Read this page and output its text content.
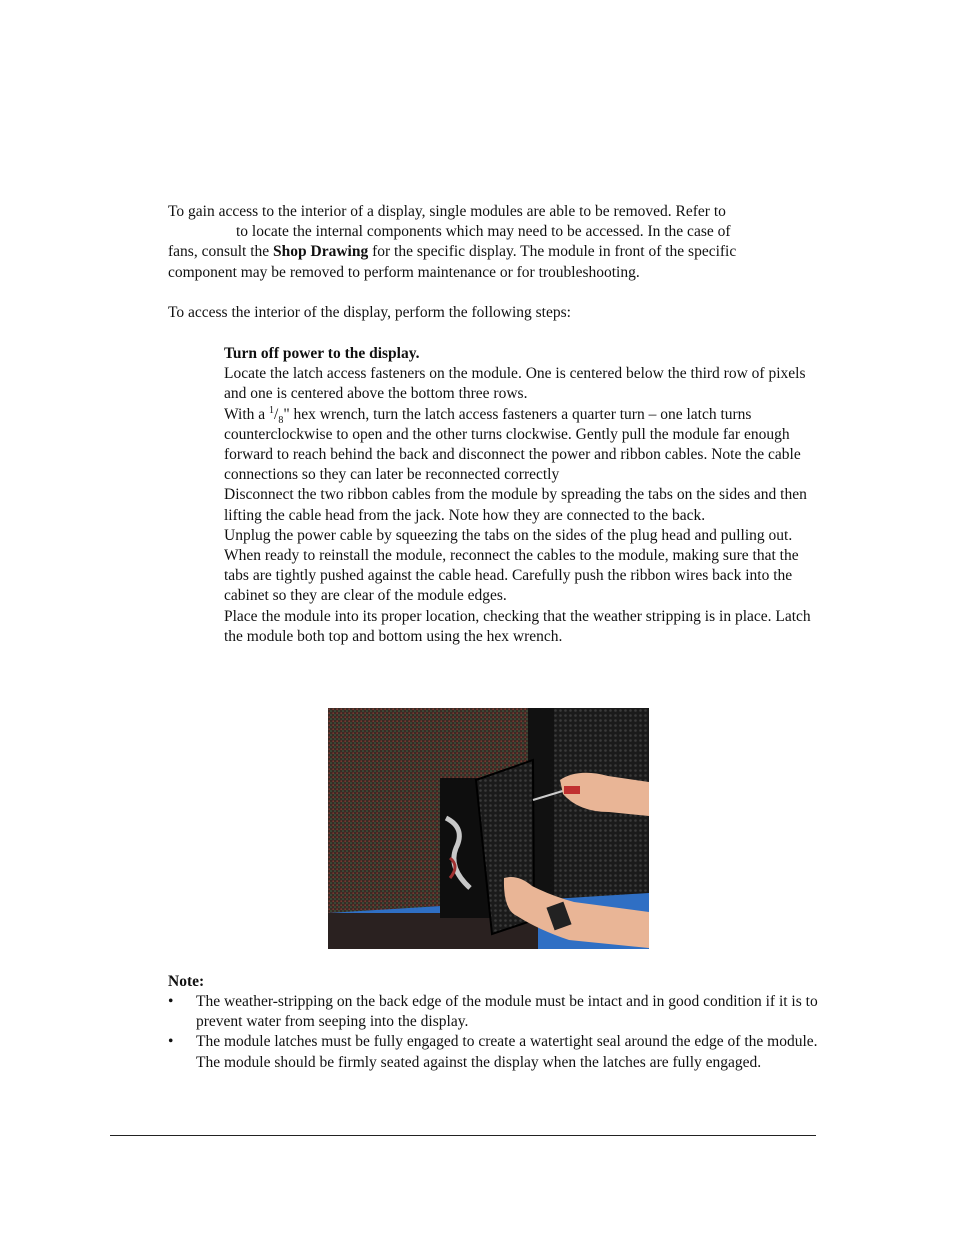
To gain access to the interior of a display, single modules are able to be removed. Refer to
to locate the internal components which may need to be accessed. In the case of
fans, consult the Shop Drawing for the specific display. The module in front of the specific
component may be removed to perform maintenance or for troubleshooting.

To access the interior of the display, perform the following steps:

Turn off power to the display.
Locate the latch access fasteners on the module. One is centered below the third row of pixels and one is centered above the bottom three rows.
With a $^1/_8$" hex wrench, turn the latch access fasteners a quarter turn – one latch turns counterclockwise to open and the other turns clockwise. Gently pull the module far enough forward to reach behind the back and disconnect the power and ribbon cables. Note the cable connections so they can later be reconnected correctly
Disconnect the two ribbon cables from the module by spreading the tabs on the sides and then lifting the cable head from the jack. Note how they are connected to the back.
Unplug the power cable by squeezing the tabs on the sides of the plug head and pulling out.
When ready to reinstall the module, reconnect the cables to the module, making sure that the tabs are tightly pushed against the cable head. Carefully push the ribbon wires back into the cabinet so they are clear of the module edges.
Place the module into its proper location, checking that the weather stripping is in place. Latch the module both top and bottom using the hex wrench.
Note:
•	The weather-stripping on the back edge of the module must be intact and in good condition if it is to prevent water from seeping into the display.
•	The module latches must be fully engaged to create a watertight seal around the edge of the module. The module should be firmly seated against the display when the latches are fully engaged.
